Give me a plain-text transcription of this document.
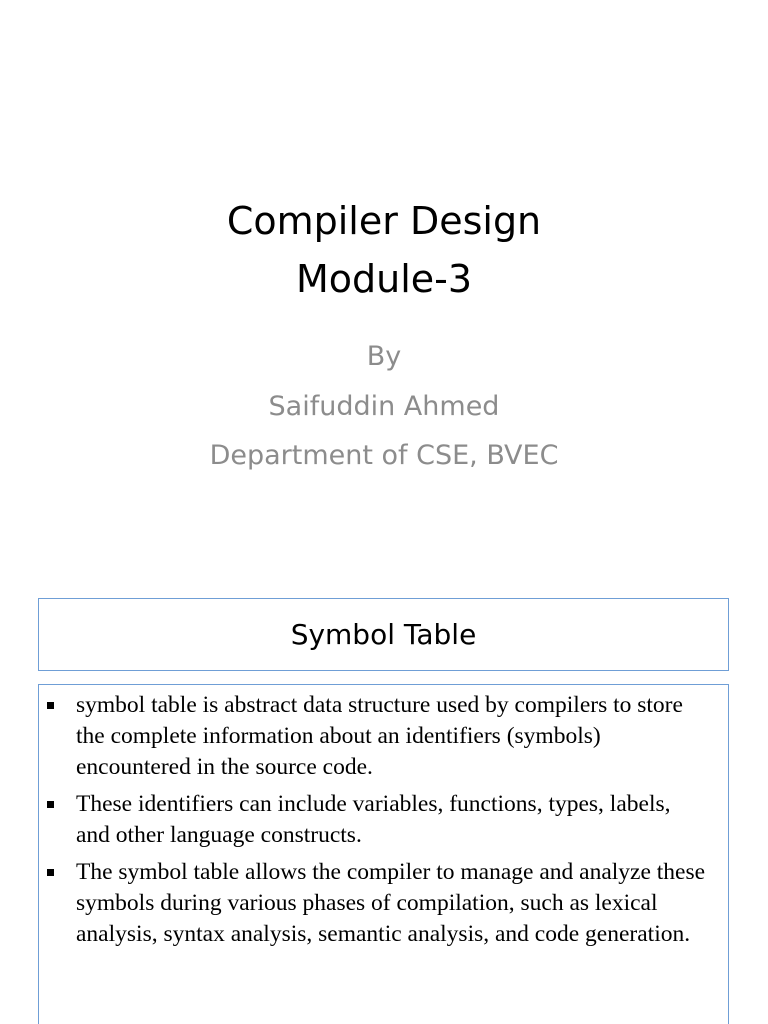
Compiler Design
Module-3
By
Saifuddin Ahmed
Department of CSE, BVEC
Symbol Table
symbol table is abstract data structure used by compilers to store the complete information about an identifiers (symbols) encountered in the source code.
These identifiers can include variables, functions, types, labels, and other language constructs.
The symbol table allows the compiler to manage and analyze these symbols during various phases of compilation, such as lexical analysis, syntax analysis, semantic analysis, and code generation.
